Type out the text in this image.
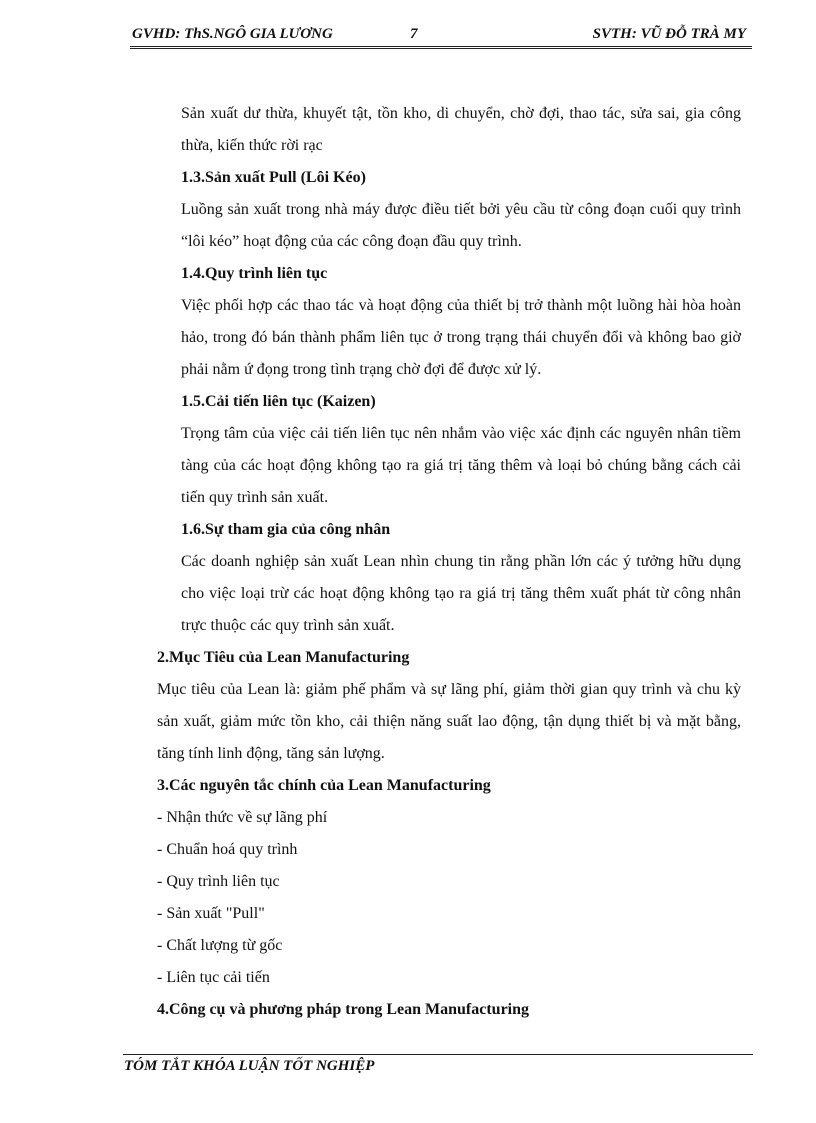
GVHD: ThS.NGÔ GIA LƯƠNG	7	SVTH: VŨ ĐỖ TRÀ MY

Sản xuất dư thừa, khuyết tật, tồn kho, di chuyển, chờ đợi, thao tác, sửa sai, gia công thừa, kiến thức rời rạc

1.3.Sản xuất Pull (Lôi Kéo)

Luồng sản xuất trong nhà máy được điều tiết bởi yêu cầu từ công đoạn cuối quy trình “lôi kéo” hoạt động của các công đoạn đầu quy trình.

1.4.Quy trình liên tục

Việc phối hợp các thao tác và hoạt động của thiết bị trở thành một luồng hài hòa hoàn hảo, trong đó bán thành phẩm liên tục ở trong trạng thái chuyển đổi và không bao giờ phải nằm ứ đọng trong tình trạng chờ đợi để được xử lý.

1.5.Cải tiến liên tục (Kaizen)

Trọng tâm của việc cải tiến liên tục nên nhắm vào việc xác định các nguyên nhân tiềm tàng của các hoạt động không tạo ra giá trị tăng thêm và loại bỏ chúng bằng cách cải tiến quy trình sản xuất.

1.6.Sự tham gia của công nhân

Các doanh nghiệp sản xuất Lean nhìn chung tin rằng phần lớn các ý tưởng hữu dụng cho việc loại trừ các hoạt động không tạo ra giá trị tăng thêm xuất phát từ công nhân trực thuộc các quy trình sản xuất.

2.Mục Tiêu của Lean Manufacturing

Mục tiêu của Lean là: giảm phế phẩm và sự lãng phí, giảm thời gian quy trình và chu kỳ sản xuất, giảm mức tồn kho, cải thiện năng suất lao động, tận dụng thiết bị và mặt bằng, tăng tính linh động, tăng sản lượng.

3.Các nguyên tắc chính của Lean Manufacturing

- Nhận thức về sự lãng phí

- Chuẩn hoá quy trình

- Quy trình liên tục

- Sản xuất "Pull"

- Chất lượng từ gốc

- Liên tục cải tiến

4.Công cụ và phương pháp trong Lean Manufacturing

TÓM TẮT KHÓA LUẬN TỐT NGHIỆP
